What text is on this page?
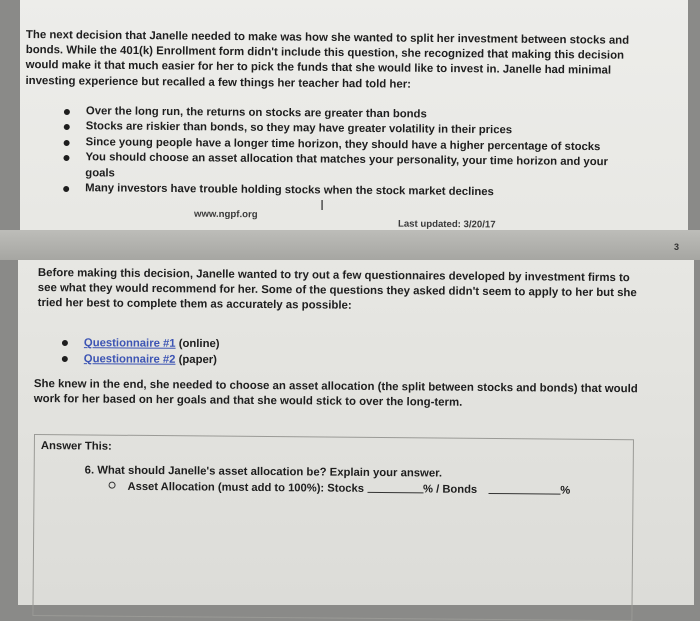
The next decision that Janelle needed to make was how she wanted to split her investment between stocks and bonds. While the 401(k) Enrollment form didn't include this question, she recognized that making this decision would make it that much easier for her to pick the funds that she would like to invest in. Janelle had minimal investing experience but recalled a few things her teacher had told her:

Over the long run, the returns on stocks are greater than bonds
Stocks are riskier than bonds, so they may have greater volatility in their prices
Since young people have a longer time horizon, they should have a higher percentage of stocks
You should choose an asset allocation that matches your personality, your time horizon and your goals
Many investors have trouble holding stocks when the stock market declines
www.ngpf.org
I
Last updated: 3/20/17
3

Before making this decision, Janelle wanted to try out a few questionnaires developed by investment firms to see what they would recommend for her. Some of the questions they asked didn't seem to apply to her but she tried her best to complete them as accurately as possible:

Questionnaire #1 (online)
Questionnaire #2 (paper)

She knew in the end, she needed to choose an asset allocation (the split between stocks and bonds) that would work for her based on her goals and that she would stick to over the long-term.

Answer This:
6. What should Janelle's asset allocation be? Explain your answer.
Asset Allocation (must add to 100%): Stocks	% / Bonds	%
